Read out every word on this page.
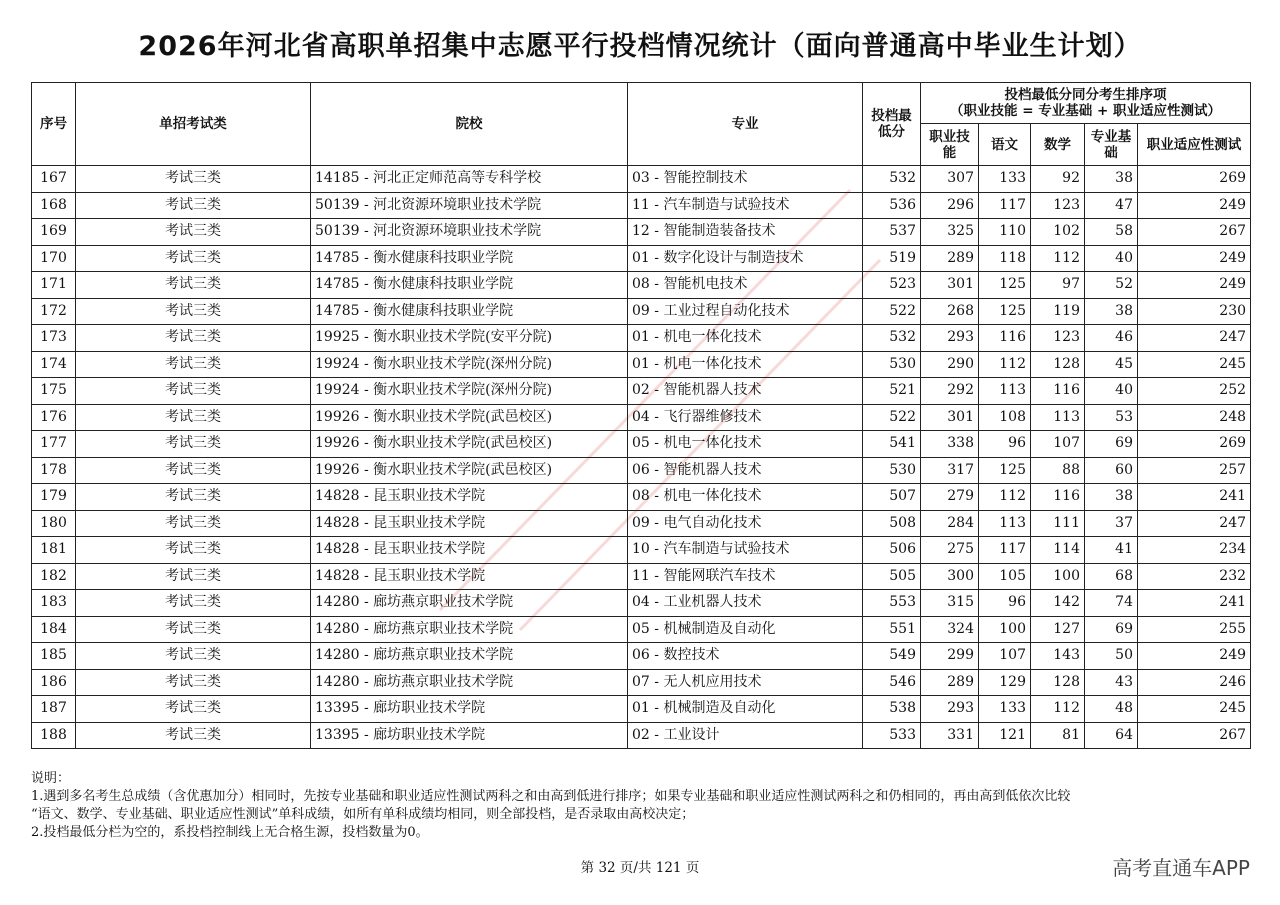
2026年河北省高职单招集中志愿平行投档情况统计（面向普通高中毕业生计划）
序号	单招考试类	院校	专业	投档最低分	投档最低分同分考生排序项
（职业技能 = 专业基础 + 职业适应性测试）				

					职业技能	语文	数学	专业基础	职业适应性测试
167	考试三类	14185 - 河北正定师范高等专科学校	03 - 智能控制技术	532	307	133	92	38	269
168	考试三类	50139 - 河北资源环境职业技术学院	11 - 汽车制造与试验技术	536	296	117	123	47	249
169	考试三类	50139 - 河北资源环境职业技术学院	12 - 智能制造装备技术	537	325	110	102	58	267
170	考试三类	14785 - 衡水健康科技职业学院	01 - 数字化设计与制造技术	519	289	118	112	40	249
171	考试三类	14785 - 衡水健康科技职业学院	08 - 智能机电技术	523	301	125	97	52	249
172	考试三类	14785 - 衡水健康科技职业学院	09 - 工业过程自动化技术	522	268	125	119	38	230
173	考试三类	19925 - 衡水职业技术学院(安平分院)	01 - 机电一体化技术	532	293	116	123	46	247
174	考试三类	19924 - 衡水职业技术学院(深州分院)	01 - 机电一体化技术	530	290	112	128	45	245
175	考试三类	19924 - 衡水职业技术学院(深州分院)	02 - 智能机器人技术	521	292	113	116	40	252
176	考试三类	19926 - 衡水职业技术学院(武邑校区)	04 - 飞行器维修技术	522	301	108	113	53	248
177	考试三类	19926 - 衡水职业技术学院(武邑校区)	05 - 机电一体化技术	541	338	96	107	69	269
178	考试三类	19926 - 衡水职业技术学院(武邑校区)	06 - 智能机器人技术	530	317	125	88	60	257
179	考试三类	14828 - 昆玉职业技术学院	08 - 机电一体化技术	507	279	112	116	38	241
180	考试三类	14828 - 昆玉职业技术学院	09 - 电气自动化技术	508	284	113	111	37	247
181	考试三类	14828 - 昆玉职业技术学院	10 - 汽车制造与试验技术	506	275	117	114	41	234
182	考试三类	14828 - 昆玉职业技术学院	11 - 智能网联汽车技术	505	300	105	100	68	232
183	考试三类	14280 - 廊坊燕京职业技术学院	04 - 工业机器人技术	553	315	96	142	74	241
184	考试三类	14280 - 廊坊燕京职业技术学院	05 - 机械制造及自动化	551	324	100	127	69	255
185	考试三类	14280 - 廊坊燕京职业技术学院	06 - 数控技术	549	299	107	143	50	249
186	考试三类	14280 - 廊坊燕京职业技术学院	07 - 无人机应用技术	546	289	129	128	43	246
187	考试三类	13395 - 廊坊职业技术学院	01 - 机械制造及自动化	538	293	133	112	48	245
188	考试三类	13395 - 廊坊职业技术学院	02 - 工业设计	533	331	121	81	64	267
说明：
1.遇到多名考生总成绩（含优惠加分）相同时，先按专业基础和职业适应性测试两科之和由高到低进行排序；如果专业基础和职业适应性测试两科之和仍相同的，再由高到低依次比较
“语文、数学、专业基础、职业适应性测试”单科成绩，如所有单科成绩均相同，则全部投档，是否录取由高校决定；
2.投档最低分栏为空的，系投档控制线上无合格生源，投档数量为0。
第 32 页/共 121 页	高考直通车APP
